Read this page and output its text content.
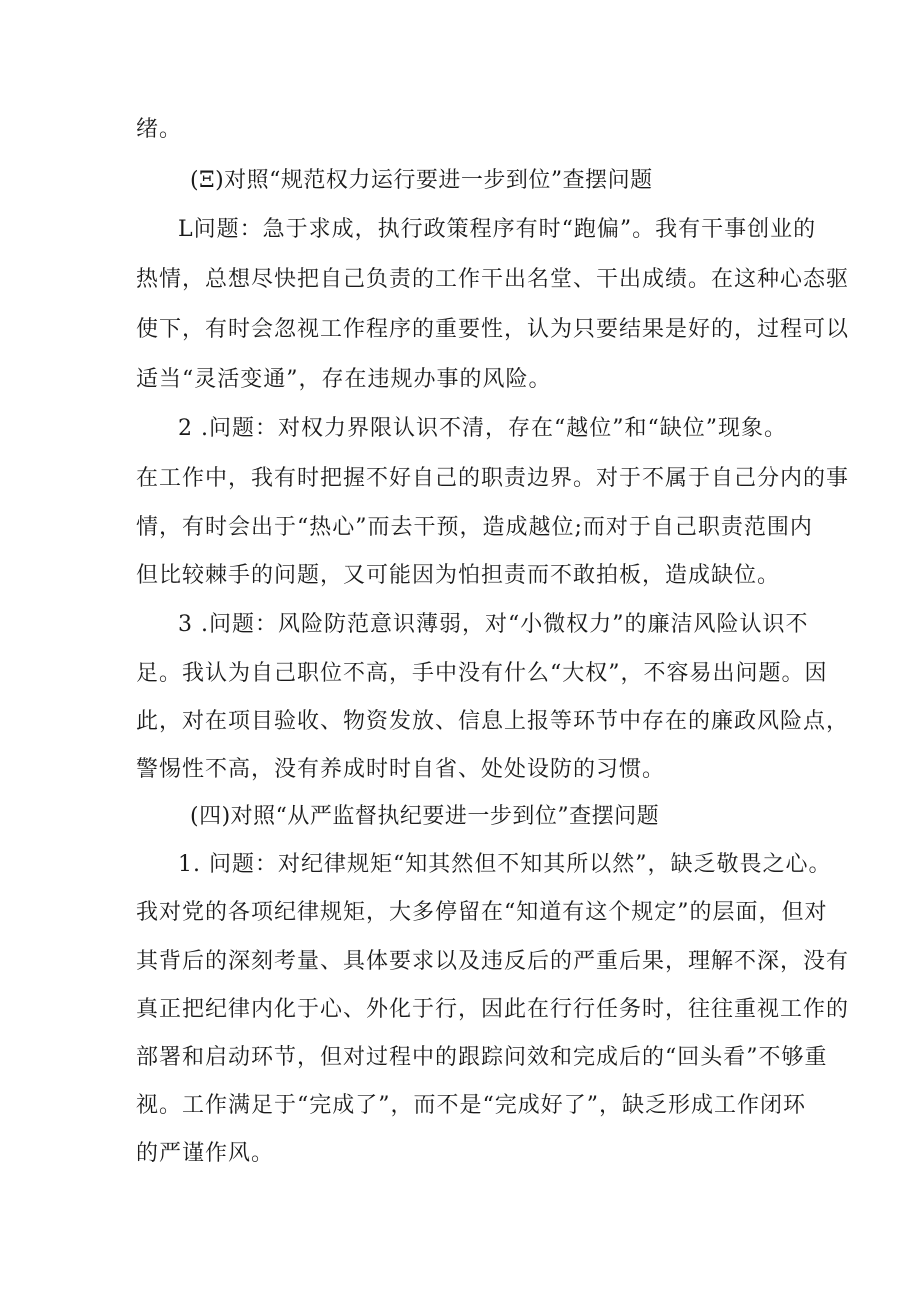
绪。
(Ξ)对照“规范权力运行要进一步到位”查摆问题
L问题：急于求成，执行政策程序有时“跑偏”。我有干事创业的
热情，总想尽快把自己负责的工作干出名堂、干出成绩。在这种心态驱
使下，有时会忽视工作程序的重要性，认为只要结果是好的，过程可以
适当“灵活变通”，存在违规办事的风险。
2 .问题：对权力界限认识不清，存在“越位”和“缺位”现象。
在工作中，我有时把握不好自己的职责边界。对于不属于自己分内的事
情，有时会出于“热心”而去干预，造成越位;而对于自己职责范围内
但比较棘手的问题，又可能因为怕担责而不敢拍板，造成缺位。
3 .问题：风险防范意识薄弱，对“小微权力”的廉洁风险认识不
足。我认为自己职位不高，手中没有什么“大权”，不容易出问题。因
此，对在项目验收、物资发放、信息上报等环节中存在的廉政风险点，
警惕性不高，没有养成时时自省、处处设防的习惯。
(四)对照“从严监督执纪要进一步到位”查摆问题
1. 问题：对纪律规矩“知其然但不知其所以然”，缺乏敬畏之心。
我对党的各项纪律规矩，大多停留在“知道有这个规定”的层面，但对
其背后的深刻考量、具体要求以及违反后的严重后果，理解不深，没有
真正把纪律内化于心、外化于行，因此在行行任务时，往往重视工作的
部署和启动环节，但对过程中的跟踪问效和完成后的“回头看”不够重
视。工作满足于“完成了”，而不是“完成好了”，缺乏形成工作闭环
的严谨作风。
